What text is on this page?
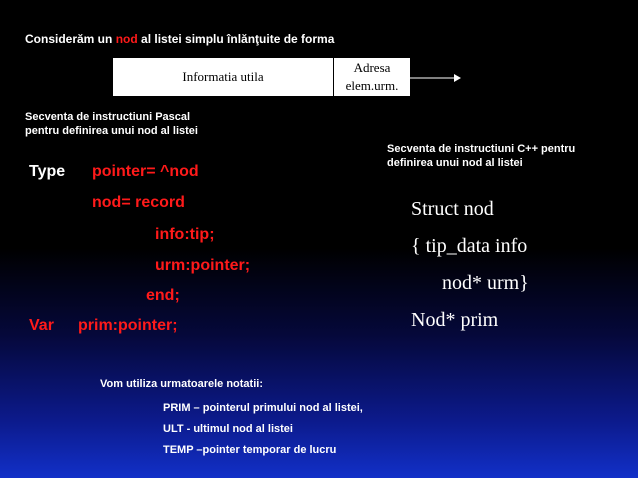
Considerăm un nod al listei simplu înlănţuite de forma
Informatia utila
Adresa
elem.urm.
Secventa de instructiuni Pascal
pentru definirea unui nod al listei
Secventa de instructiuni C++ pentru
definirea unui nod al listei
Type pointer= ^nod
nod= record
info:tip;
urm:pointer;
end;
Var prim:pointer;
Struct nod
{ tip_data info
nod* urm}
Nod* prim
Vom utiliza urmatoarele notatii:
PRIM – pointerul primului nod al listei,
ULT - ultimul nod al listei
TEMP –pointer temporar de lucru
